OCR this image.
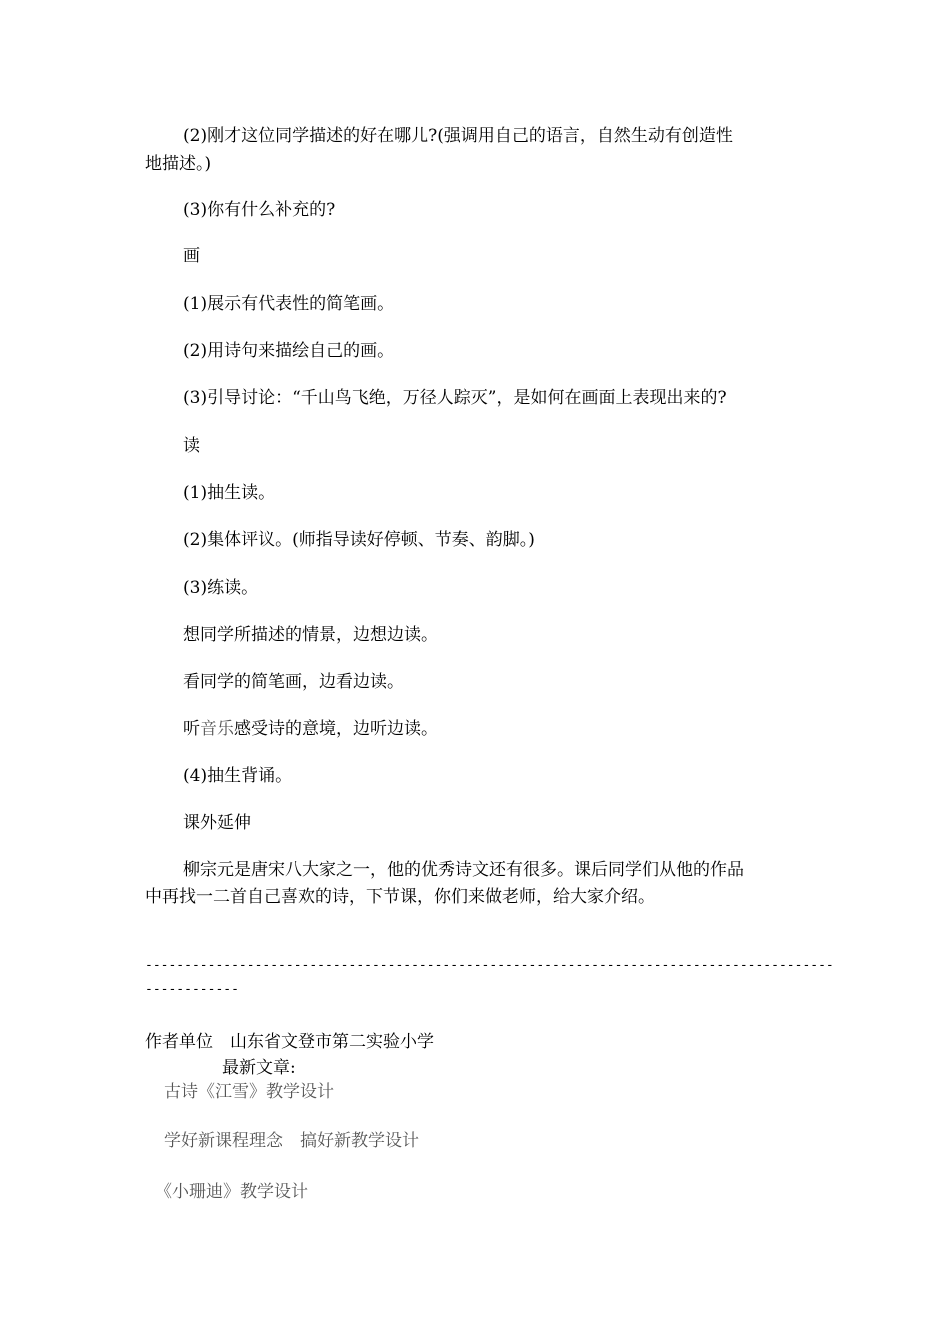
(2)刚才这位同学描述的好在哪儿?(强调用自己的语言，自然生动有创造性
地描述。)
(3)你有什么补充的?
画
(1)展示有代表性的简笔画。
(2)用诗句来描绘自己的画。
(3)引导讨论：“千山鸟飞绝，万径人踪灭”，是如何在画面上表现出来的?
读
(1)抽生读。
(2)集体评议。(师指导读好停顿、节奏、韵脚。)
(3)练读。
想同学所描述的情景，边想边读。
看同学的简笔画，边看边读。
听音乐感受诗的意境，边听边读。
(4)抽生背诵。
课外延伸
柳宗元是唐宋八大家之一，他的优秀诗文还有很多。课后同学们从他的作品
中再找一二首自己喜欢的诗，下节课，你们来做老师，给大家介绍。
----------------------------------------------------------------------------------------
------------
作者单位　山东省文登市第二实验小学
最新文章:
古诗《江雪》教学设计
学好新课程理念　搞好新教学设计
《小珊迪》教学设计
